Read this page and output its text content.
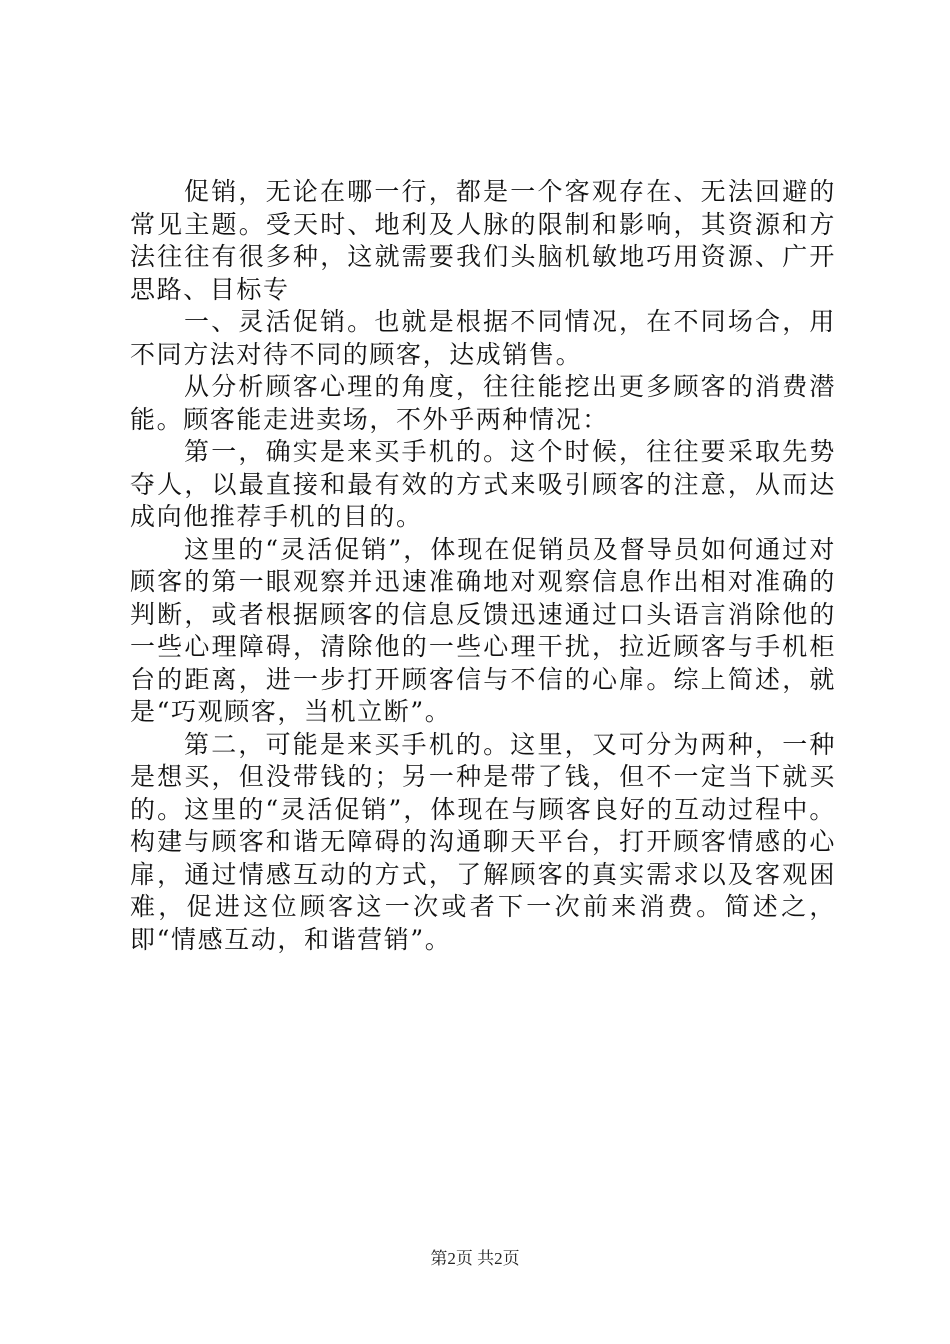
促销，无论在哪一行，都是一个客观存在、无法回避的常见主题。受天时、地利及人脉的限制和影响，其资源和方法往往有很多种，这就需要我们头脑机敏地巧用资源、广开思路、目标专

一、灵活促销。也就是根据不同情况，在不同场合，用不同方法对待不同的顾客，达成销售。

从分析顾客心理的角度，往往能挖出更多顾客的消费潜能。顾客能走进卖场，不外乎两种情况：

第一，确实是来买手机的。这个时候，往往要采取先势夺人，以最直接和最有效的方式来吸引顾客的注意，从而达成向他推荐手机的目的。

这里的“灵活促销”，体现在促销员及督导员如何通过对顾客的第一眼观察并迅速准确地对观察信息作出相对准确的判断，或者根据顾客的信息反馈迅速通过口头语言消除他的一些心理障碍，清除他的一些心理干扰，拉近顾客与手机柜台的距离，进一步打开顾客信与不信的心扉。综上简述，就是“巧观顾客，当机立断”。

第二，可能是来买手机的。这里，又可分为两种，一种是想买，但没带钱的；另一种是带了钱，但不一定当下就买的。这里的“灵活促销”，体现在与顾客良好的互动过程中。构建与顾客和谐无障碍的沟通聊天平台，打开顾客情感的心扉，通过情感互动的方式，了解顾客的真实需求以及客观困难，促进这位顾客这一次或者下一次前来消费。简述之，即“情感互动，和谐营销”。

第2页 共2页
